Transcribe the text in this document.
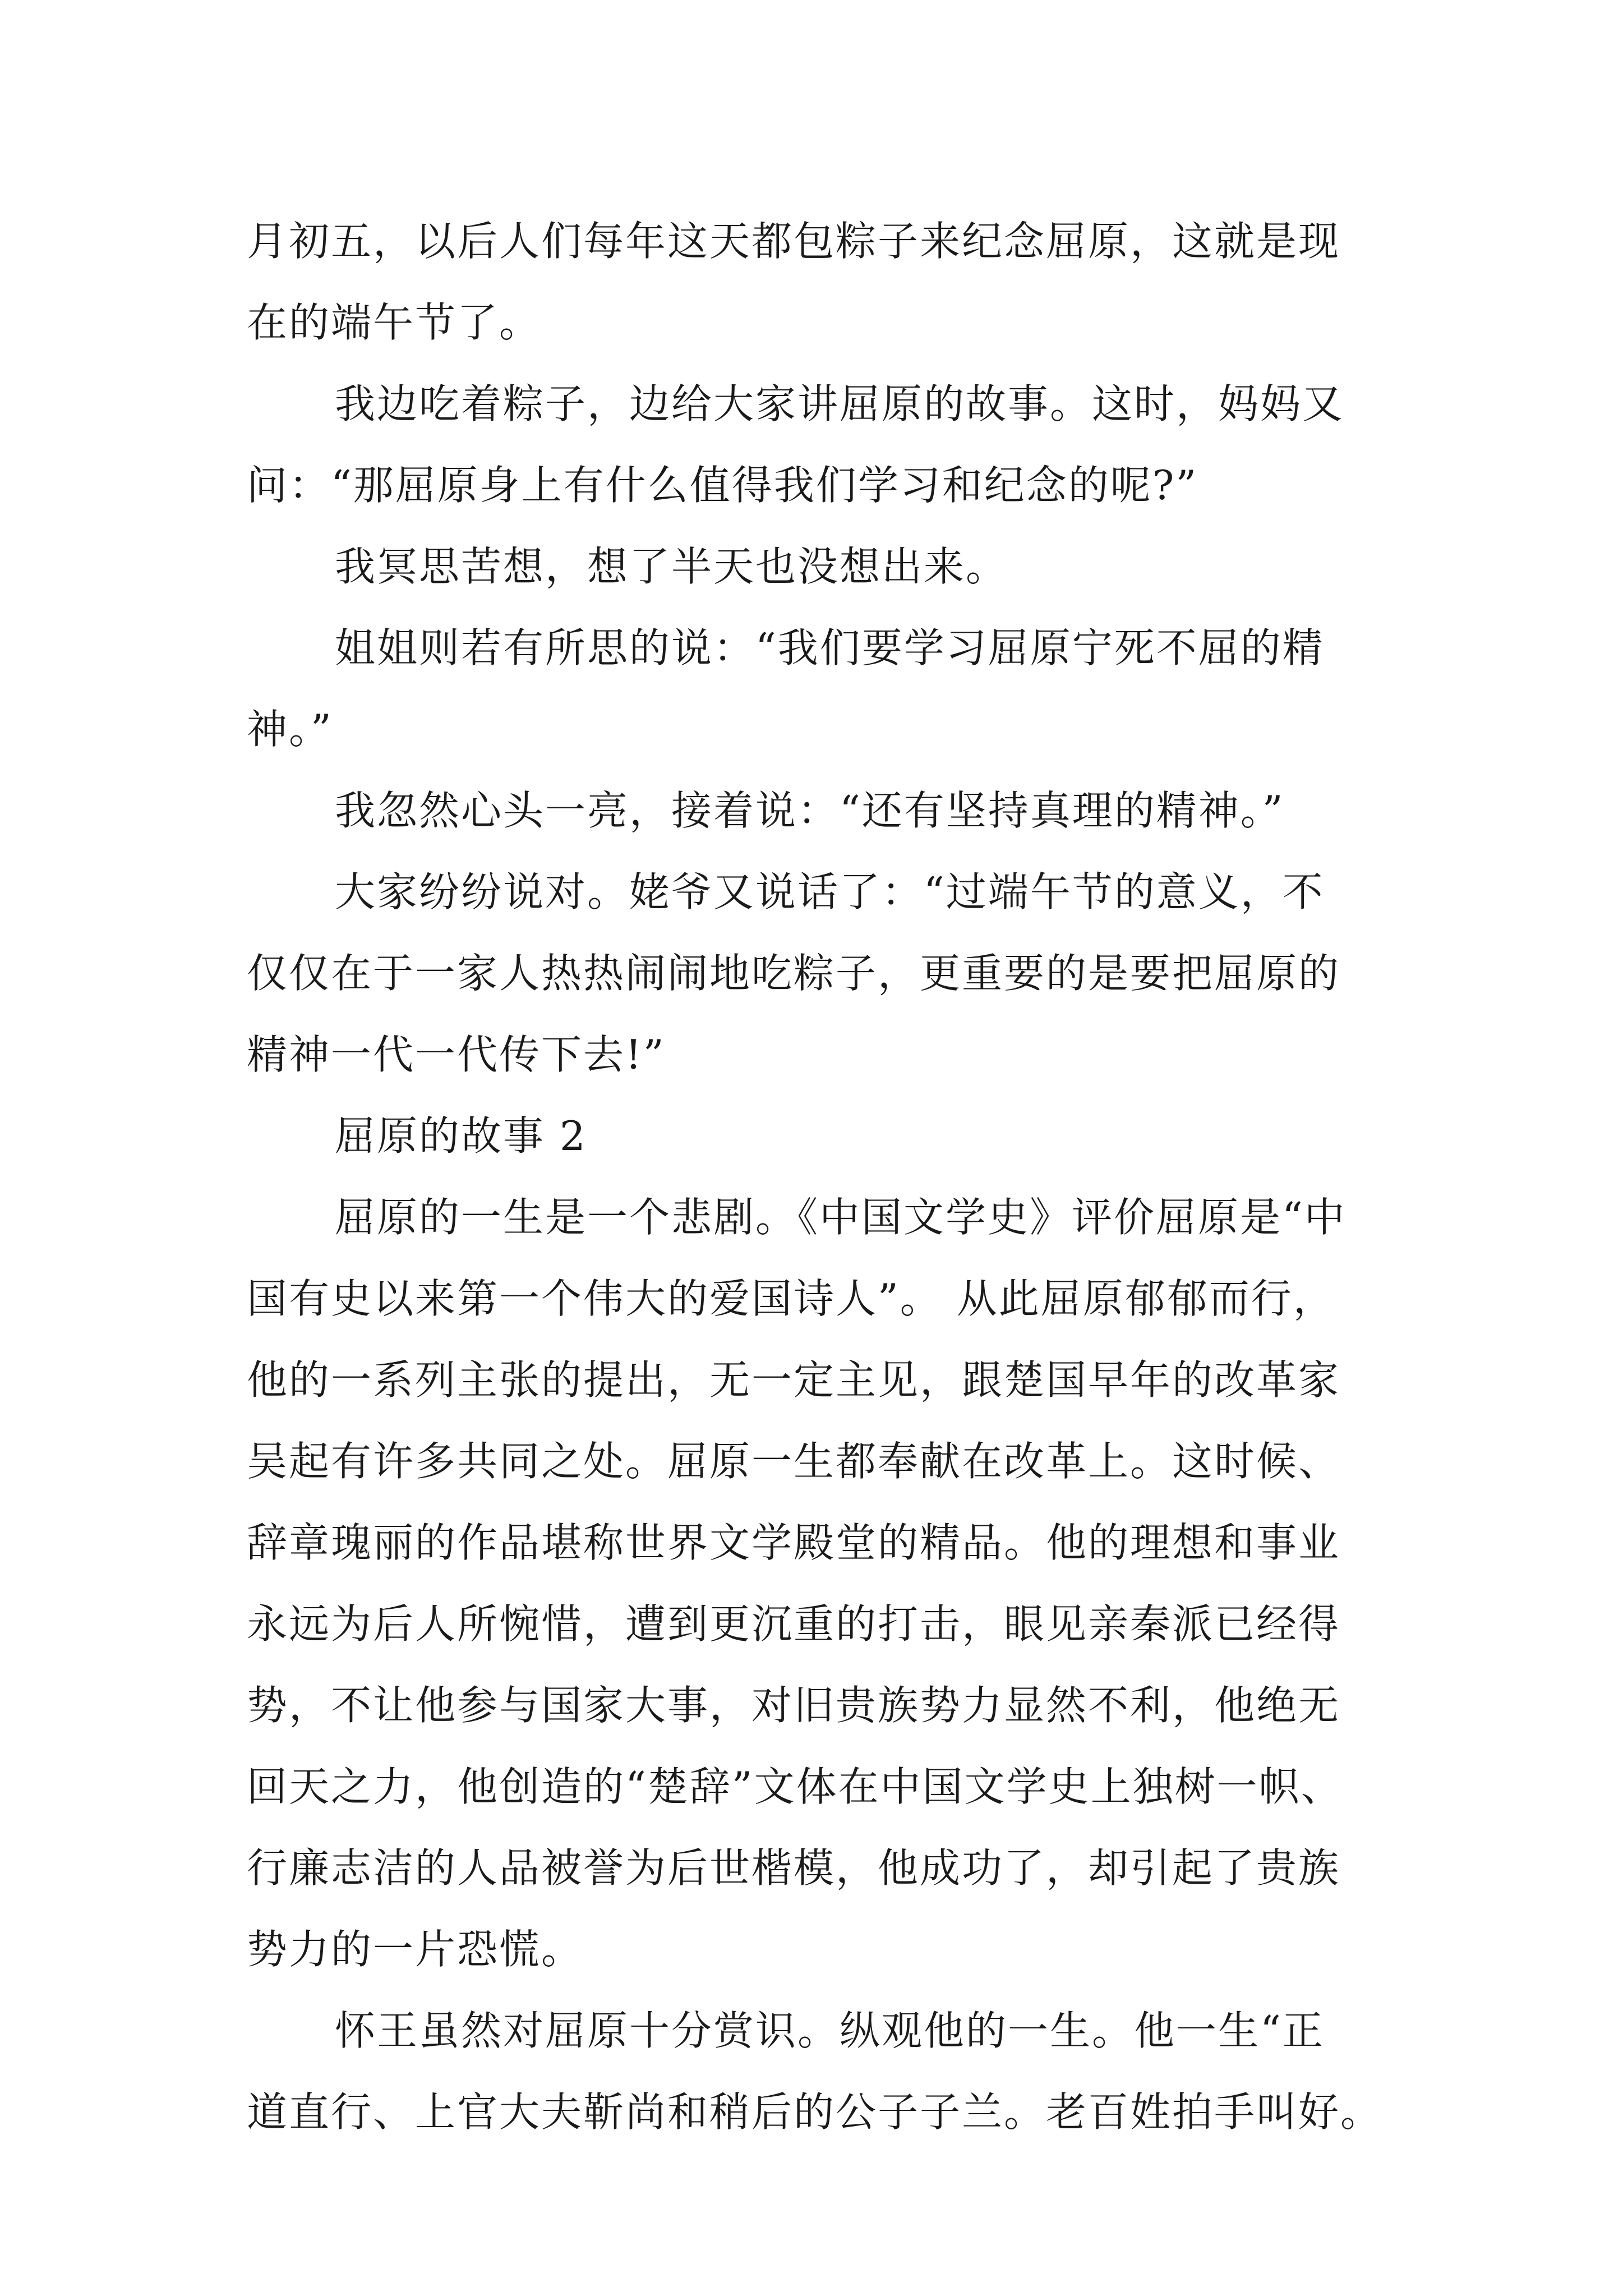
月初五，以后人们每年这天都包粽子来纪念屈原，这就是现
在的端午节了。
我边吃着粽子，边给大家讲屈原的故事。这时，妈妈又
问：“那屈原身上有什么值得我们学习和纪念的呢?”
我冥思苦想，想了半天也没想出来。
姐姐则若有所思的说：“我们要学习屈原宁死不屈的精
神。”
我忽然心头一亮，接着说：“还有坚持真理的精神。”
大家纷纷说对。姥爷又说话了：“过端午节的意义，不
仅仅在于一家人热热闹闹地吃粽子，更重要的是要把屈原的
精神一代一代传下去!”
屈原的故事 2
屈原的一生是一个悲剧。《中国文学史》评价屈原是“中
国有史以来第一个伟大的爱国诗人”。 从此屈原郁郁而行，
他的一系列主张的提出，无一定主见，跟楚国早年的改革家
吴起有许多共同之处。屈原一生都奉献在改革上。这时候、
辞章瑰丽的作品堪称世界文学殿堂的精品。他的理想和事业
永远为后人所惋惜，遭到更沉重的打击，眼见亲秦派已经得
势，不让他参与国家大事，对旧贵族势力显然不利，他绝无
回天之力，他创造的“楚辞”文体在中国文学史上独树一帜、
行廉志洁的人品被誉为后世楷模，他成功了，却引起了贵族
势力的一片恐慌。
怀王虽然对屈原十分赏识。纵观他的一生。他一生“正
道直行、上官大夫靳尚和稍后的公子子兰。老百姓拍手叫好。
